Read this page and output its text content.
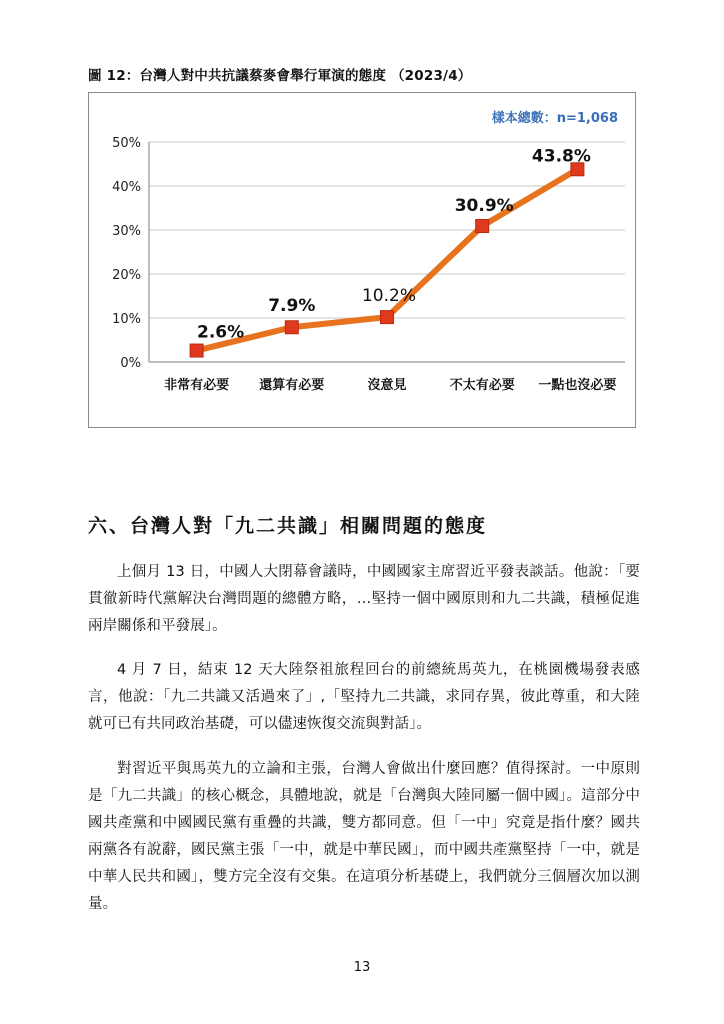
圖 12：台灣人對中共抗議蔡麥會舉行軍演的態度 （2023/4）
0%
10%
20%
30%
40%
50%
非常有必要 還算有必要	沒意見	不太有必要 一點也沒必要
2.6%
7.9%
10.2%
30.9%
43.8%
樣本總數：n=1,068
六、台灣人對「九二共識」相關問題的態度

上個月 13 日，中國人大閉幕會議時，中國國家主席習近平發表談話。他說：「要貫徹新時代黨解決台灣問題的總體方略，…堅持一個中國原則和九二共識，積極促進兩岸關係和平發展」。

4 月 7 日，結束 12 天大陸祭祖旅程回台的前總統馬英九，在桃園機場發表感言，他說：「九二共識又活過來了」,「堅持九二共識，求同存異，彼此尊重，和大陸就可已有共同政治基礎，可以儘速恢復交流與對話」。

對習近平與馬英九的立論和主張，台灣人會做出什麼回應？值得探討。一中原則是「九二共識」的核心概念，具體地說，就是「台灣與大陸同屬一個中國」。這部分中國共產黨和中國國民黨有重疊的共識，雙方都同意。但「一中」究竟是指什麼？國共兩黨各有說辭，國民黨主張「一中，就是中華民國」，而中國共產黨堅持「一中，就是中華人民共和國」，雙方完全沒有交集。在這項分析基礎上，我們就分三個層次加以測量。

13
